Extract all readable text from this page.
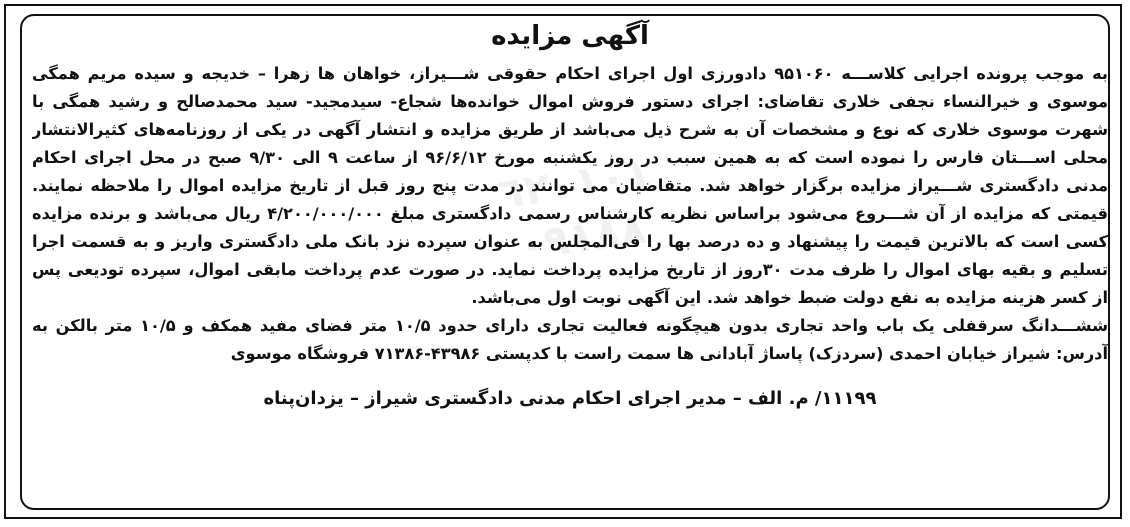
٦٢٠١٠١
٠٩١٨٨
آگهی مزایده
به موجب پرونده اجرایی کلاســـه ۹۵۱۰۶۰ دادورزی اول اجرای احکام حقوقی شـــیراز، خواهان ها زهرا – خدیجه و سیده مریم همگی
موسوی و خیرالنساء نجفی خلاری تقاضای: اجرای دستور فروش اموال خوانده‌ها شجاع- سیدمجید- سید محمدصالح و رشید همگی با
شهرت موسوی خلاری که نوع و مشخصات آن به شرح ذیل می‌باشد از طریق مزایده و انتشار آگهی در یکی از روزنامه‌های کثیرالانتشار
محلی اســـتان فارس را نموده است که به همین سبب در روز یکشنبه مورخ ۹۶/۶/۱۲ از ساعت ۹ الی ۹/۳۰ صبح در محل اجرای احکام
مدنی دادگستری شـــیراز مزایده برگزار خواهد شد. متقاضیان می توانند در مدت پنج روز قبل از تاریخ مزایده اموال را ملاحظه نمایند.
قیمتی که مزایده از آن شـــروع می‌شود براساس نظریه کارشناس رسمی دادگستری مبلغ ۴/۲۰۰/۰۰۰/۰۰۰ ریال می‌باشد و برنده مزایده
کسی است که بالاترین قیمت را پیشنهاد و ده درصد بها را فی‌المجلس به عنوان سپرده نزد بانک ملی دادگستری واریز و به قسمت اجرا
تسلیم و بقیه بهای اموال را ظرف مدت ۳۰روز از تاریخ مزایده پرداخت نماید. در صورت عدم پرداخت مابقی اموال، سپرده تودیعی پس
از کسر هزینه مزایده به نفع دولت ضبط خواهد شد. این آگهی نوبت اول می‌باشد.
ششـــدانگ سرقفلی یک باب واحد تجاری بدون هیچگونه فعالیت تجاری دارای حدود ۱۰/۵ متر فضای مفید همکف و ۱۰/۵ متر بالکن به
آدرس: شیراز خیابان احمدی (سردزک) پاساژ آبادانی ها سمت راست با کدپستی ۴۳۹۸۶-۷۱۳۸۶ فروشگاه موسوی
۱۱۱۹۹/ م. الف – مدیر اجرای احکام مدنی دادگستری شیراز – یزدان‌پناه
